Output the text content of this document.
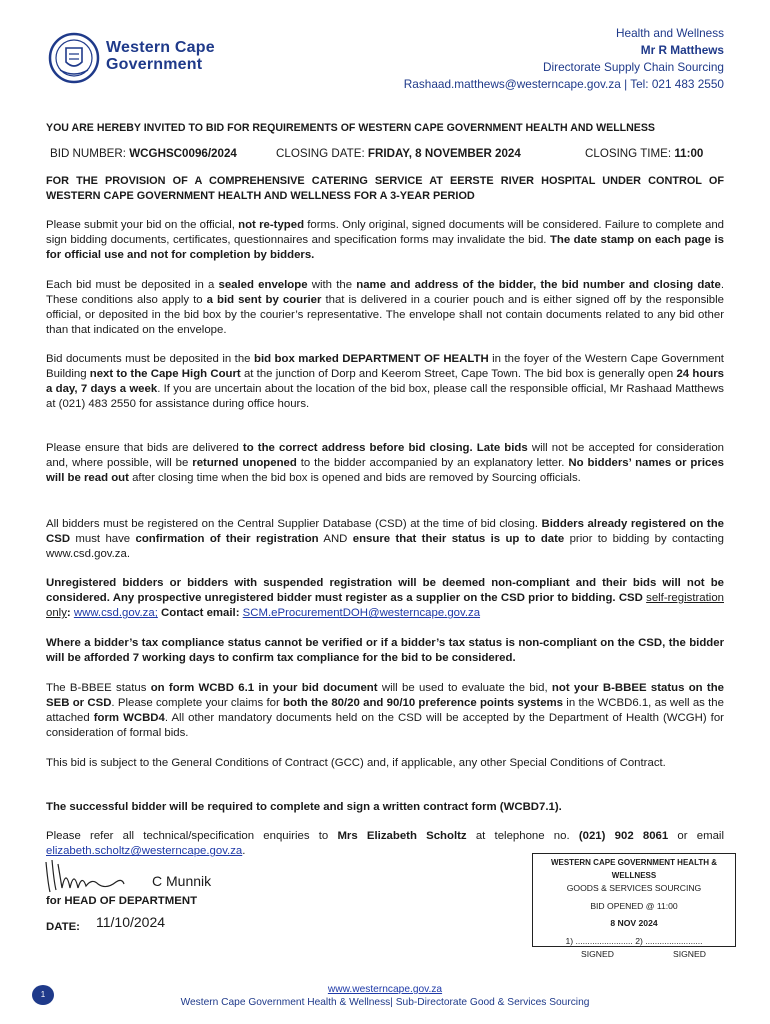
Western Cape
Government
Health and Wellness
Mr R Matthews
Directorate Supply Chain Sourcing
Rashaad.matthews@westerncape.gov.za | Tel: 021 483 2550
YOU ARE HEREBY INVITED TO BID FOR REQUIREMENTS OF WESTERN CAPE GOVERNMENT HEALTH AND WELLNESS
BID NUMBER: WCGHSC0096/2024	CLOSING DATE: FRIDAY, 8 NOVEMBER 2024	CLOSING TIME: 11:00
FOR THE PROVISION OF A COMPREHENSIVE CATERING SERVICE AT EERSTE RIVER HOSPITAL UNDER CONTROL OF WESTERN CAPE GOVERNMENT HEALTH AND WELLNESS FOR A 3-YEAR PERIOD
Please submit your bid on the official, not re-typed forms. Only original, signed documents will be considered. Failure to complete and sign bidding documents, certificates, questionnaires and specification forms may invalidate the bid. The date stamp on each page is for official use and not for completion by bidders.
Each bid must be deposited in a sealed envelope with the name and address of the bidder, the bid number and closing date. These conditions also apply to a bid sent by courier that is delivered in a courier pouch and is either signed off by the responsible official, or deposited in the bid box by the courier’s representative. The envelope shall not contain documents related to any bid other than that indicated on the envelope.
Bid documents must be deposited in the bid box marked DEPARTMENT OF HEALTH in the foyer of the Western Cape Government Building next to the Cape High Court at the junction of Dorp and Keerom Street, Cape Town. The bid box is generally open 24 hours a day, 7 days a week. If you are uncertain about the location of the bid box, please call the responsible official, Mr Rashaad Matthews at (021) 483 2550 for assistance during office hours.
Please ensure that bids are delivered to the correct address before bid closing. Late bids will not be accepted for consideration and, where possible, will be returned unopened to the bidder accompanied by an explanatory letter. No bidders’ names or prices will be read out after closing time when the bid box is opened and bids are removed by Sourcing officials.
All bidders must be registered on the Central Supplier Database (CSD) at the time of bid closing. Bidders already registered on the CSD must have confirmation of their registration AND ensure that their status is up to date prior to bidding by contacting www.csd.gov.za.
Unregistered bidders or bidders with suspended registration will be deemed non-compliant and their bids will not be considered. Any prospective unregistered bidder must register as a supplier on the CSD prior to bidding. CSD self-registration only: www.csd.gov.za; Contact email: SCM.eProcurementDOH@westerncape.gov.za
Where a bidder’s tax compliance status cannot be verified or if a bidder’s tax status is non-compliant on the CSD, the bidder will be afforded 7 working days to confirm tax compliance for the bid to be considered.
The B-BBEE status on form WCBD 6.1 in your bid document will be used to evaluate the bid, not your B-BBEE status on the SEB or CSD. Please complete your claims for both the 80/20 and 90/10 preference points systems in the WCBD6.1, as well as the attached form WCBD4. All other mandatory documents held on the CSD will be accepted by the Department of Health (WCGH) for consideration of formal bids.
This bid is subject to the General Conditions of Contract (GCC) and, if applicable, any other Special Conditions of Contract.
The successful bidder will be required to complete and sign a written contract form (WCBD7.1).
Please refer all technical/specification enquiries to Mrs Elizabeth Scholtz at telephone no. (021) 902 8061 or email elizabeth.scholtz@westerncape.gov.za.
C Munnik
for HEAD OF DEPARTMENT
DATE: 11/10/2024
WESTERN CAPE GOVERNMENT HEALTH & WELLNESS
GOODS & SERVICES SOURCING
BID OPENED @ 11:00
8 NOV 2024
1) ........................ 2) ........................
SIGNED	SIGNED
1	www.westerncape.gov.za
Western Cape Government Health & Wellness| Sub-Directorate Good & Services Sourcing
